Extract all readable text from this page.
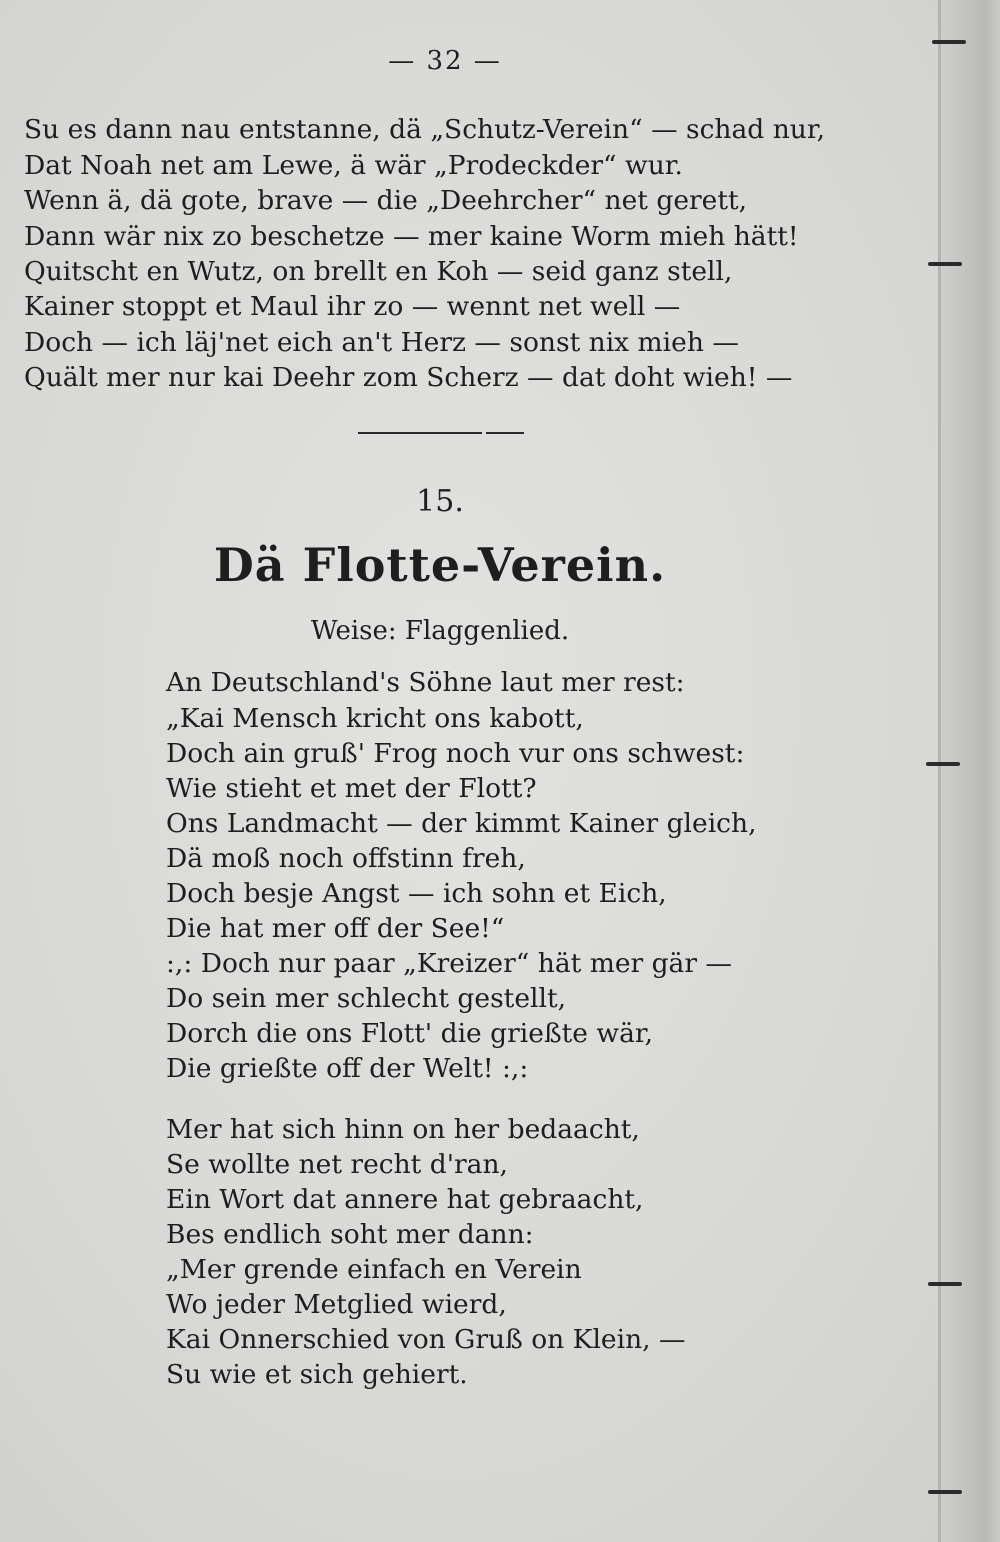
— 32 —
Su es dann nau entstanne, dä „Schutz-Verein“ — schad nur,
Dat Noah net am Lewe, ä wär „Prodeckder“ wur.
Wenn ä, dä gote, brave — die „Deehrcher“ net gerett,
Dann wär nix zo beschetze — mer kaine Worm mieh hätt!
Quitscht en Wutz, on brellt en Koh — seid ganz stell,
Kainer stoppt et Maul ihr zo — wennt net well —
Doch — ich läj'net eich an't Herz — sonst nix mieh —
Quält mer nur kai Deehr zom Scherz — dat doht wieh! —
15.
Dä Flotte-Verein.
Weise: Flaggenlied.
An Deutschland's Söhne laut mer rest:
„Kai Mensch kricht ons kabott,
Doch ain gruß' Frog noch vur ons schwest:
Wie stieht et met der Flott?
Ons Landmacht — der kimmt Kainer gleich,
Dä moß noch offstinn freh,
Doch besje Angst — ich sohn et Eich,
Die hat mer off der See!“
:,: Doch nur paar „Kreizer“ hät mer gär —
Do sein mer schlecht gestellt,
Dorch die ons Flott' die grießte wär,
Die grießte off der Welt! :,:
Mer hat sich hinn on her bedaacht,
Se wollte net recht d'ran,
Ein Wort dat annere hat gebraacht,
Bes endlich soht mer dann:
„Mer grende einfach en Verein
Wo jeder Metglied wierd,
Kai Onnerschied von Gruß on Klein, —
Su wie et sich gehiert.
